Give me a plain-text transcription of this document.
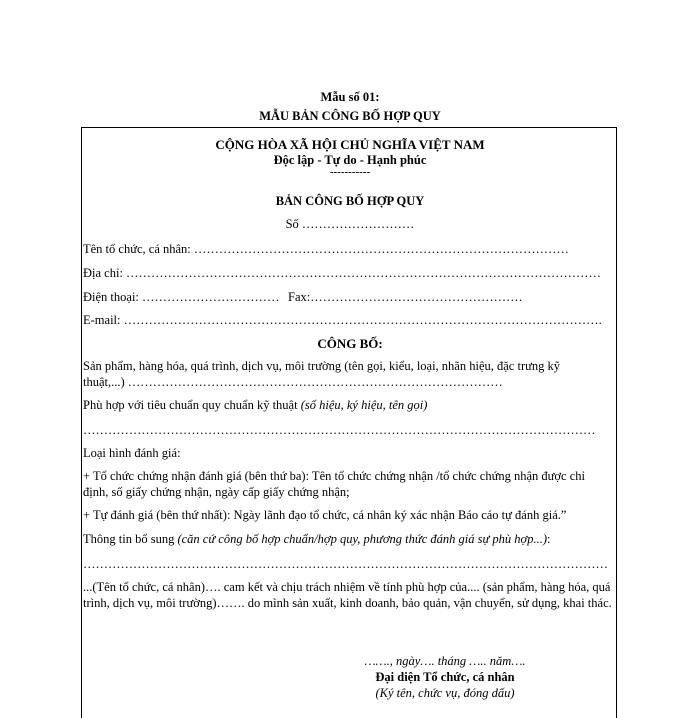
Mẫu số 01:
MẪU BẢN CÔNG BỐ HỢP QUY
CỘNG HÒA XÃ HỘI CHỦ NGHĨA VIỆT NAM
Độc lập - Tự do - Hạnh phúc
-----------
BẢN CÔNG BỐ HỢP QUY
Số ………………………
Tên tổ chức, cá nhân: ………………………………………………………………………………
Địa chỉ: ……………………………………………………………………………………………………
Điện thoại: …………………………… Fax:……………………………………………
E-mail: …………………………………………………………………………………………………….
CÔNG BỐ:
Sản phẩm, hàng hóa, quá trình, dịch vụ, môi trường (tên gọi, kiểu, loại, nhãn hiệu, đặc trưng kỹ
thuật,...) ………………………………………………………………………………
Phù hợp với tiêu chuẩn quy chuẩn kỹ thuật (số hiệu, ký hiệu, tên gọi)
……………………………………………………………………………………………………………
Loại hình đánh giá:
+ Tổ chức chứng nhận đánh giá (bên thứ ba): Tên tổ chức chứng nhận /tổ chức chứng nhận được chỉ
định, số giấy chứng nhận, ngày cấp giấy chứng nhận;
+ Tự đánh giá (bên thứ nhất): Ngày lãnh đạo tổ chức, cá nhân ký xác nhận Báo cáo tự đánh giá.”
Thông tin bổ sung (căn cứ công bố hợp chuẩn/hợp quy, phương thức đánh giá sự phù hợp...):
………………………………………………………………………………………………………………
...(Tên tổ chức, cá nhân)…. cam kết và chịu trách nhiệm về tính phù hợp của.... (sản phẩm, hàng hóa, quá
trình, dịch vụ, môi trường)……. do mình sản xuất, kinh doanh, bảo quản, vận chuyển, sử dụng, khai thác.
……., ngày…. tháng ….. năm….
Đại diện Tổ chức, cá nhân
(Ký tên, chức vụ, đóng dấu)
